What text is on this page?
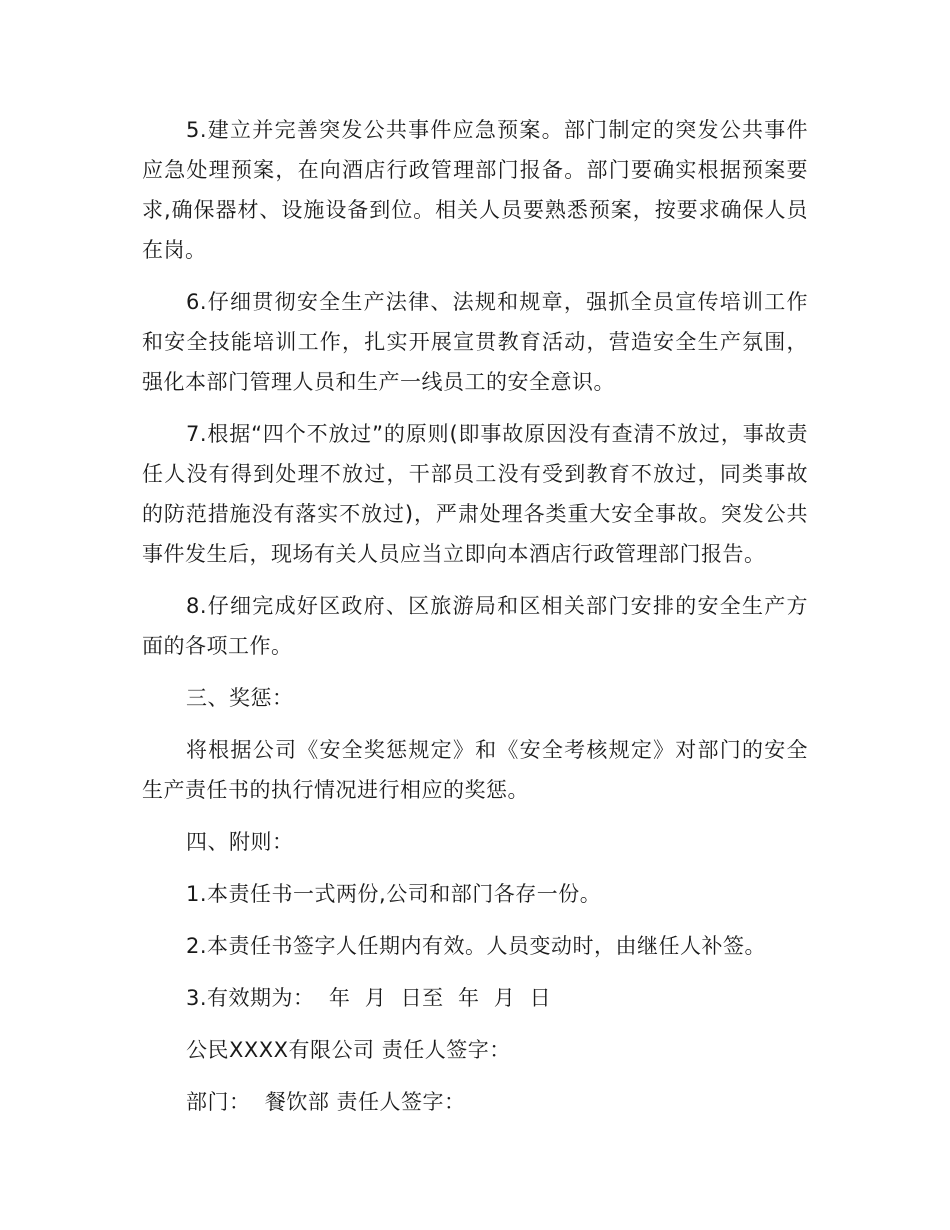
5.建立并完善突发公共事件应急预案。部门制定的突发公共事件应急处理预案，在向酒店行政管理部门报备。部门要确实根据预案要求,确保器材、设施设备到位。相关人员要熟悉预案，按要求确保人员在岗。

6.仔细贯彻安全生产法律、法规和规章，强抓全员宣传培训工作和安全技能培训工作，扎实开展宣贯教育活动，营造安全生产氛围，强化本部门管理人员和生产一线员工的安全意识。

7.根据“四个不放过”的原则(即事故原因没有查清不放过，事故责任人没有得到处理不放过，干部员工没有受到教育不放过，同类事故的防范措施没有落实不放过)，严肃处理各类重大安全事故。突发公共事件发生后，现场有关人员应当立即向本酒店行政管理部门报告。

8.仔细完成好区政府、区旅游局和区相关部门安排的安全生产方面的各项工作。

三、奖惩：

将根据公司《安全奖惩规定》和《安全考核规定》对部门的安全生产责任书的执行情况进行相应的奖惩。

四、附则：

1.本责任书一式两份,公司和部门各存一份。

2.本责任书签字人任期内有效。人员变动时，由继任人补签。

3.有效期为：  年  月  日至  年  月  日

公民XXXX有限公司 责任人签字：

部门：  餐饮部 责任人签字：
